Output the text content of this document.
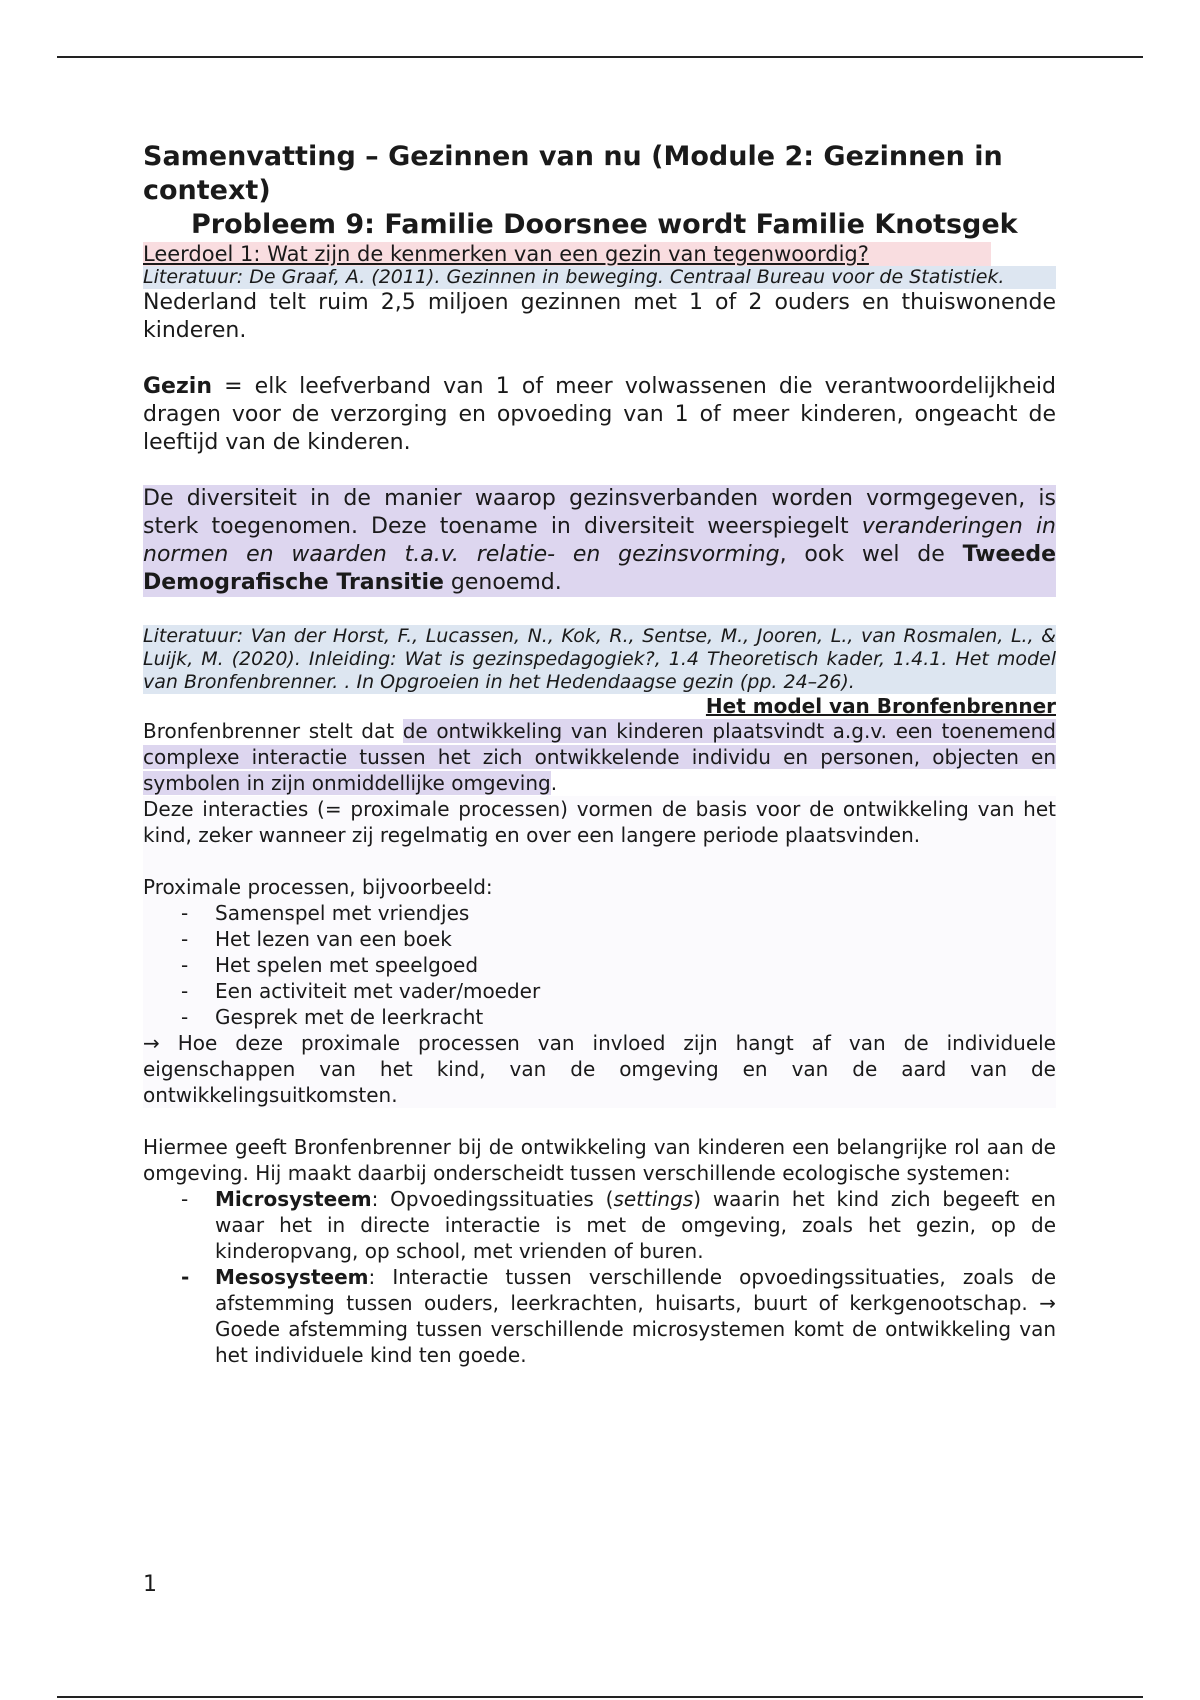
Samenvatting – Gezinnen van nu (Module 2: Gezinnen in context)
Probleem 9: Familie Doorsnee wordt Familie Knotsgek
Leerdoel 1: Wat zijn de kenmerken van een gezin van tegenwoordig?
Literatuur: De Graaf, A. (2011). Gezinnen in beweging. Centraal Bureau voor de Statistiek.

Nederland telt ruim 2,5 miljoen gezinnen met 1 of 2 ouders en thuiswonende kinderen.

Gezin = elk leefverband van 1 of meer volwassenen die verantwoordelijkheid dragen voor de verzorging en opvoeding van 1 of meer kinderen, ongeacht de leeftijd van de kinderen.

De diversiteit in de manier waarop gezinsverbanden worden vormgegeven, is sterk toegenomen. Deze toename in diversiteit weerspiegelt veranderingen in normen en waarden t.a.v. relatie- en gezinsvorming, ook wel de Tweede Demografische Transitie genoemd.

Literatuur: Van der Horst, F., Lucassen, N., Kok, R., Sentse, M., Jooren, L., van Rosmalen, L., & Luijk, M. (2020). Inleiding: Wat is gezinspedagogiek?, 1.4 Theoretisch kader, 1.4.1. Het model van Bronfenbrenner. . In Opgroeien in het Hedendaagse gezin (pp. 24–26).
Het model van Bronfenbrenner

Bronfenbrenner stelt dat de ontwikkeling van kinderen plaatsvindt a.g.v. een toenemend complexe interactie tussen het zich ontwikkelende individu en personen, objecten en symbolen in zijn onmiddellijke omgeving.

Deze interacties (= proximale processen) vormen de basis voor de ontwikkeling van het kind, zeker wanneer zij regelmatig en over een langere periode plaatsvinden.

Proximale processen, bijvoorbeeld:

- Samenspel met vriendjes
- Het lezen van een boek
- Het spelen met speelgoed
- Een activiteit met vader/moeder
- Gesprek met de leerkracht

→ Hoe deze proximale processen van invloed zijn hangt af van de individuele eigenschappen van het kind, van de omgeving en van de aard van de ontwikkelingsuitkomsten.

Hiermee geeft Bronfenbrenner bij de ontwikkeling van kinderen een belangrijke rol aan de omgeving. Hij maakt daarbij onderscheidt tussen verschillende ecologische systemen:

- Microsysteem: Opvoedingssituaties (settings) waarin het kind zich begeeft en waar het in directe interactie is met de omgeving, zoals het gezin, op de kinderopvang, op school, met vrienden of buren.
- Mesosysteem: Interactie tussen verschillende opvoedingssituaties, zoals de afstemming tussen ouders, leerkrachten, huisarts, buurt of kerkgenootschap. → Goede afstemming tussen verschillende microsystemen komt de ontwikkeling van het individuele kind ten goede.
1
